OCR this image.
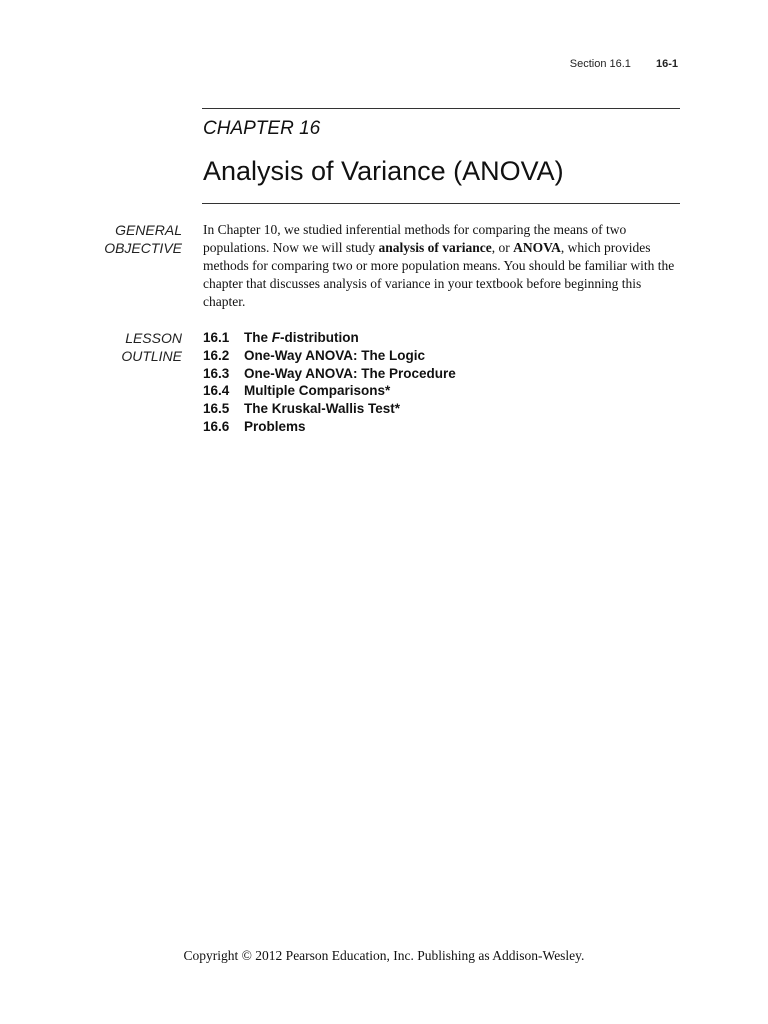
Section 16.1 16-1
CHAPTER 16
Analysis of Variance (ANOVA)
GENERAL
OBJECTIVE
In Chapter 10, we studied inferential methods for comparing the means of two populations. Now we will study analysis of variance, or ANOVA, which provides methods for comparing two or more population means. You should be familiar with the chapter that discusses analysis of variance in your textbook before beginning this chapter.
LESSON
OUTLINE
16.1 The F-distribution
16.2 One-Way ANOVA: The Logic
16.3 One-Way ANOVA: The Procedure
16.4 Multiple Comparisons*
16.5 The Kruskal-Wallis Test*
16.6 Problems
Copyright © 2012 Pearson Education, Inc. Publishing as Addison-Wesley.
